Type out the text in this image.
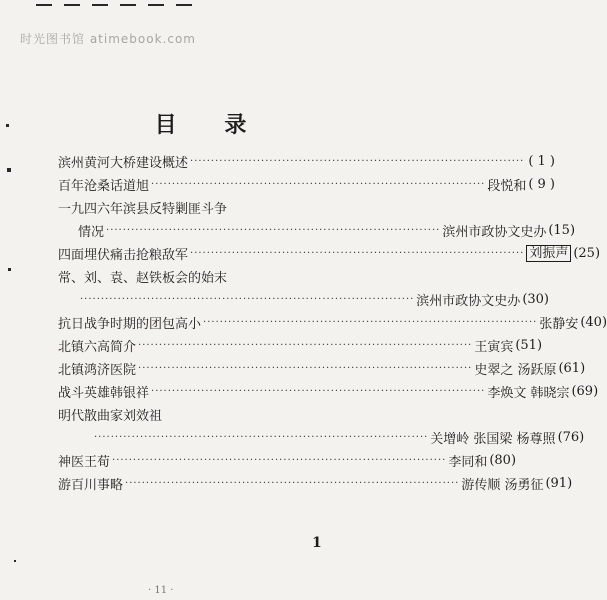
时光图书馆 atimebook.com
目 录
滨州黄河大桥建设概述 ················································································ ( 1 )
百年沧桑话道旭 ················································································ 段悦和 ( 9 )
一九四六年滨县反特剿匪斗争
情况 ················································································ 滨州市政协文史办 (15)
四面埋伏痛击抢粮敌军 ················································································ 刘振声 (25)
常、刘、袁、赵铁板会的始末
················································································ 滨州市政协文史办 (30)
抗日战争时期的团包高小 ················································································ 张静安 (40)
北镇六高简介 ················································································ 王寅宾 (51)
北镇鸿济医院 ················································································ 史翠之 汤跃原 (61)
战斗英雄韩银祥 ················································································ 李焕文 韩晓宗 (69)
明代散曲家刘效祖
················································································ 关增岭 张国梁 杨尊照 (76)
神医王荀 ················································································ 李同和 (80)
游百川事略 ················································································ 游传顺 汤勇征 (91)
1
· 11 ·
